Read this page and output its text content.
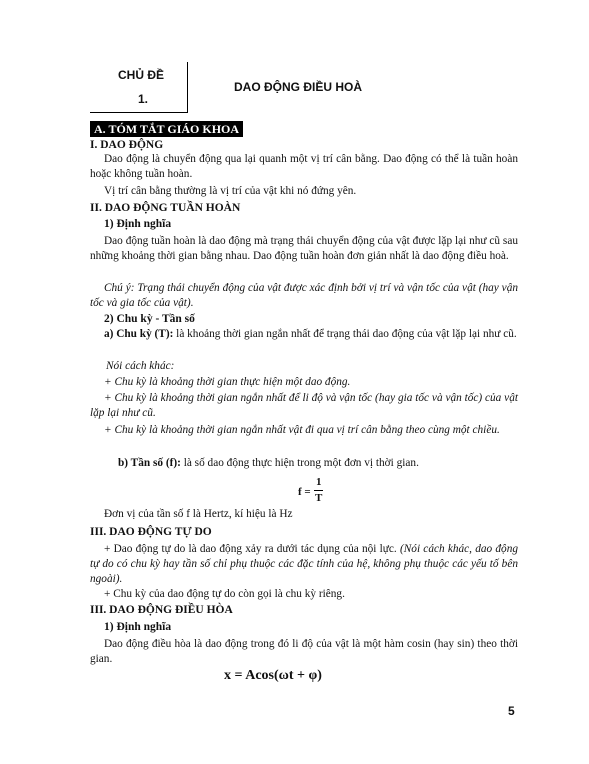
CHỦ ĐỀ
1.
DAO ĐỘNG ĐIỀU HOÀ
A. TÓM TẮT GIÁO KHOA

I. DAO ĐỘNG

Dao động là chuyển động qua lại quanh một vị trí cân bằng. Dao động có thể là tuần hoàn hoặc không tuần hoàn.

Vị trí cân bằng thường là vị trí của vật khi nó đứng yên.

II. DAO ĐỘNG TUẦN HOÀN

1) Định nghĩa

Dao động tuần hoàn là dao động mà trạng thái chuyển động của vật được lặp lại như cũ sau những khoảng thời gian bằng nhau. Dao động tuần hoàn đơn giản nhất là dao động điều hoà.

Chú ý: Trạng thái chuyển động của vật được xác định bởi vị trí và vận tốc của vật (hay vận tốc và gia tốc của vật).

2) Chu kỳ - Tần số

a) Chu kỳ (T): là khoảng thời gian ngắn nhất để trạng thái dao động của vật lặp lại như cũ.

Nói cách khác:

+ Chu kỳ là khoảng thời gian thực hiện một dao động.

+ Chu kỳ là khoảng thời gian ngắn nhất để li độ và vận tốc (hay gia tốc và vận tốc) của vật lặp lại như cũ.

+ Chu kỳ là khoảng thời gian ngắn nhất vật đi qua vị trí cân bằng theo cùng một chiều.

b) Tần số (f): là số dao động thực hiện trong một đơn vị thời gian.

f =
1
T

Đơn vị của tần số f là Hertz, kí hiệu là Hz

III. DAO ĐỘNG TỰ DO

+ Dao động tự do là dao động xảy ra dưới tác dụng của nội lực. (Nói cách khác, dao động tự do có chu kỳ hay tần số chỉ phụ thuộc các đặc tính của hệ, không phụ thuộc các yếu tố bên ngoài).

+ Chu kỳ của dao động tự do còn gọi là chu kỳ riêng.

III. DAO ĐỘNG ĐIỀU HÒA

1) Định nghĩa

Dao động điều hòa là dao động trong đó li độ của vật là một hàm cosin (hay sin) theo thời gian.

x = Acos(ωt + φ)
5
